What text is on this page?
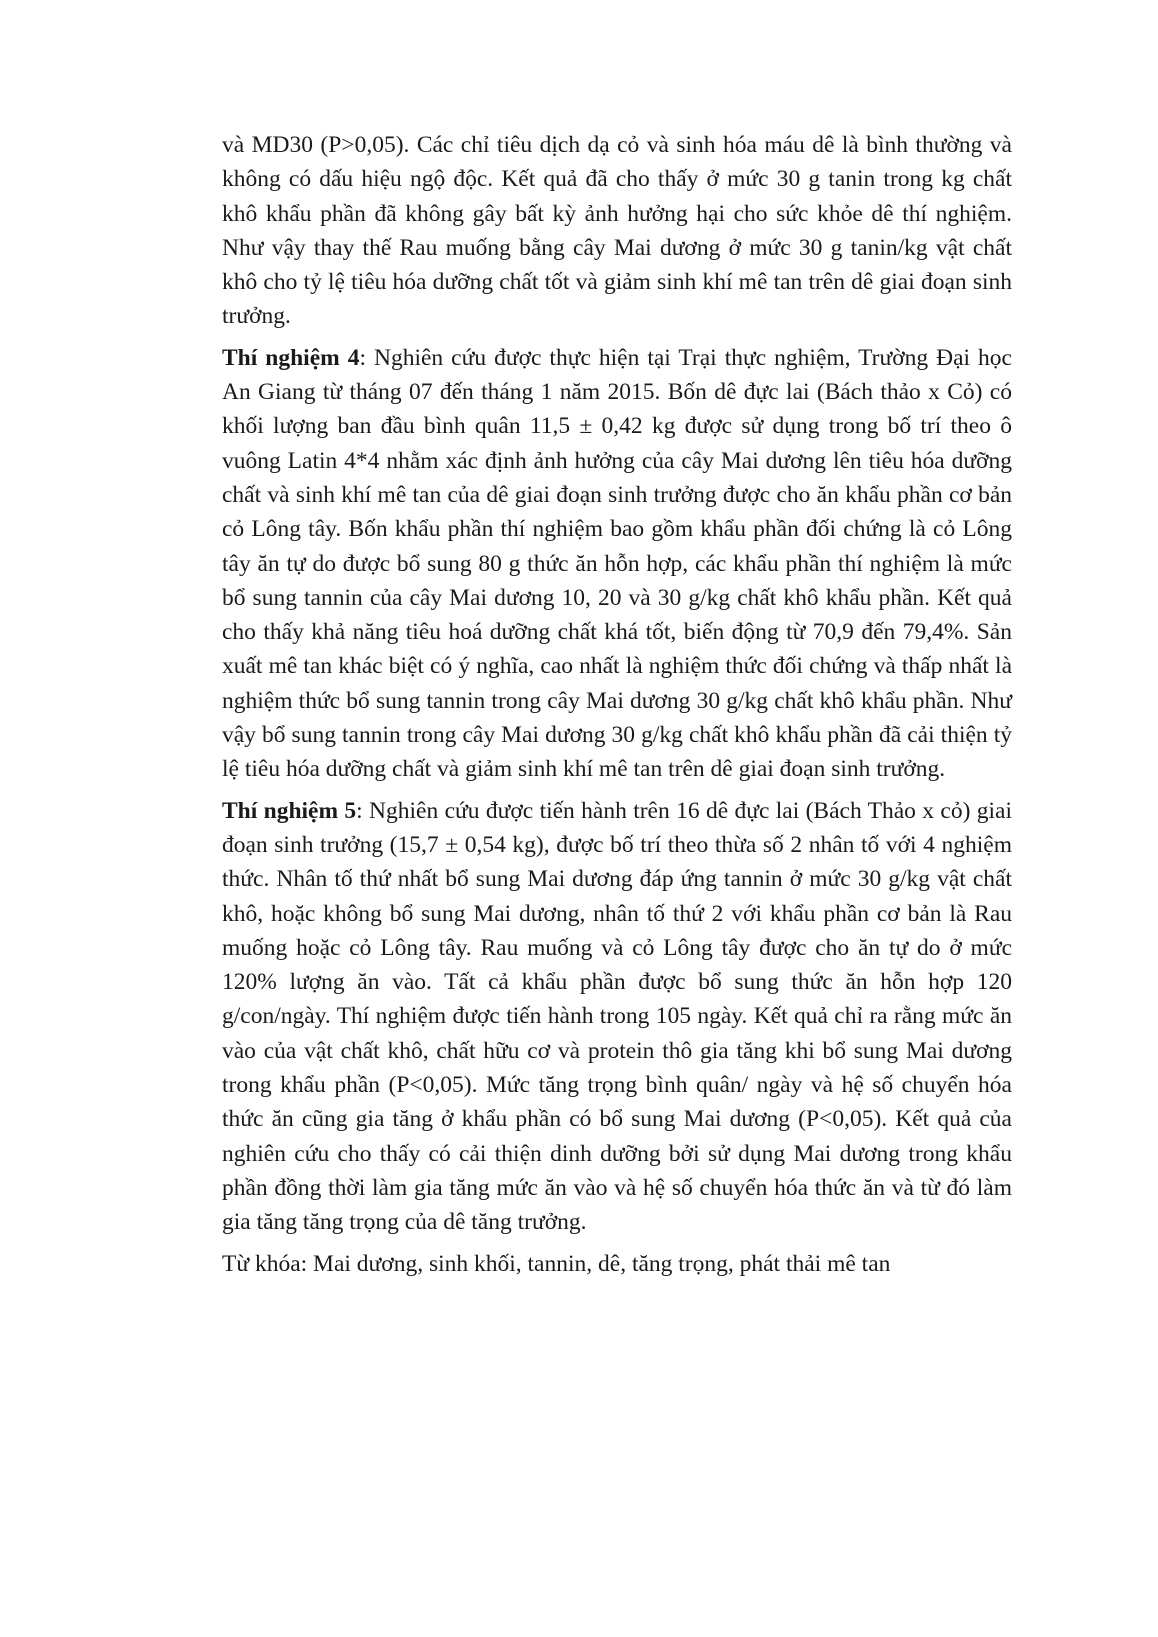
và MD30 (P>0,05). Các chỉ tiêu dịch dạ cỏ và sinh hóa máu dê là bình thường và không có dấu hiệu ngộ độc. Kết quả đã cho thấy ở mức 30 g tanin trong kg chất khô khẩu phần đã không gây bất kỳ ảnh hưởng hại cho sức khỏe dê thí nghiệm. Như vậy thay thế Rau muống bằng cây Mai dương ở mức 30 g tanin/kg vật chất khô cho tỷ lệ tiêu hóa dưỡng chất tốt và giảm sinh khí mê tan trên dê giai đoạn sinh trưởng.

Thí nghiệm 4: Nghiên cứu được thực hiện tại Trại thực nghiệm, Trường Đại học An Giang từ tháng 07 đến tháng 1 năm 2015. Bốn dê đực lai (Bách thảo x Cỏ) có khối lượng ban đầu bình quân 11,5 ± 0,42 kg được sử dụng trong bố trí theo ô vuông Latin 4*4 nhằm xác định ảnh hưởng của cây Mai dương lên tiêu hóa dưỡng chất và sinh khí mê tan của dê giai đoạn sinh trưởng được cho ăn khẩu phần cơ bản cỏ Lông tây. Bốn khẩu phần thí nghiệm bao gồm khẩu phần đối chứng là cỏ Lông tây ăn tự do được bổ sung 80 g thức ăn hỗn hợp, các khẩu phần thí nghiệm là mức bổ sung tannin của cây Mai dương 10, 20 và 30 g/kg chất khô khẩu phần. Kết quả cho thấy khả năng tiêu hoá dưỡng chất khá tốt, biến động từ 70,9 đến 79,4%. Sản xuất mê tan khác biệt có ý nghĩa, cao nhất là nghiệm thức đối chứng và thấp nhất là nghiệm thức bổ sung tannin trong cây Mai dương 30 g/kg chất khô khẩu phần. Như vậy bổ sung tannin trong cây Mai dương 30 g/kg chất khô khẩu phần đã cải thiện tỷ lệ tiêu hóa dưỡng chất và giảm sinh khí mê tan trên dê giai đoạn sinh trưởng.

Thí nghiệm 5: Nghiên cứu được tiến hành trên 16 dê đực lai (Bách Thảo x cỏ) giai đoạn sinh trưởng (15,7 ± 0,54 kg), được bố trí theo thừa số 2 nhân tố với 4 nghiệm thức. Nhân tố thứ nhất bổ sung Mai dương đáp ứng tannin ở mức 30 g/kg vật chất khô, hoặc không bổ sung Mai dương, nhân tố thứ 2 với khẩu phần cơ bản là Rau muống hoặc cỏ Lông tây. Rau muống và cỏ Lông tây được cho ăn tự do ở mức 120% lượng ăn vào. Tất cả khẩu phần được bổ sung thức ăn hỗn hợp 120 g/con/ngày. Thí nghiệm được tiến hành trong 105 ngày. Kết quả chỉ ra rằng mức ăn vào của vật chất khô, chất hữu cơ và protein thô gia tăng khi bổ sung Mai dương trong khẩu phần (P<0,05). Mức tăng trọng bình quân/ ngày và hệ số chuyển hóa thức ăn cũng gia tăng ở khẩu phần có bổ sung Mai dương (P<0,05). Kết quả của nghiên cứu cho thấy có cải thiện dinh dưỡng bởi sử dụng Mai dương trong khẩu phần đồng thời làm gia tăng mức ăn vào và hệ số chuyển hóa thức ăn và từ đó làm gia tăng tăng trọng của dê tăng trưởng.

Từ khóa: Mai dương, sinh khối, tannin, dê, tăng trọng, phát thải mê tan
